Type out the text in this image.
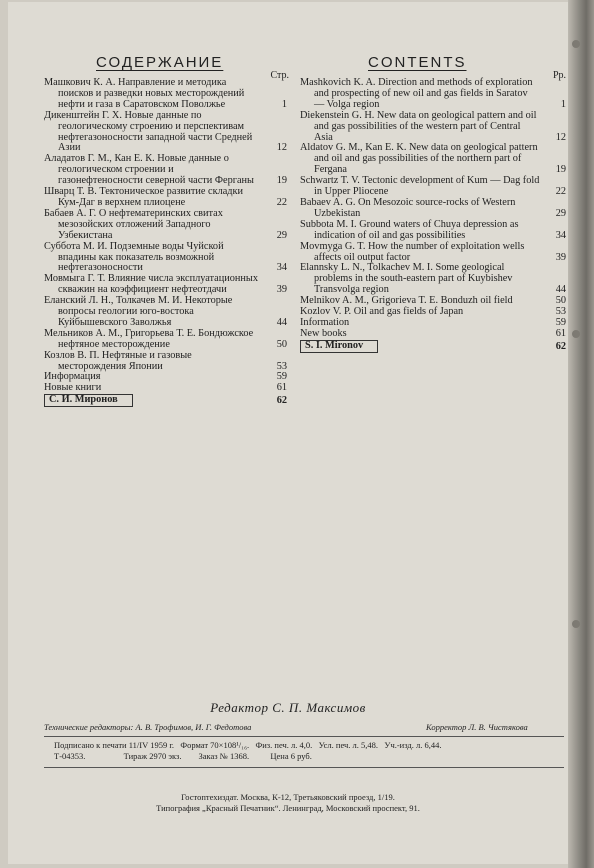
СОДЕРЖАНИЕ
Стр.
Машкович К. А. Направление и методика поисков и разведки новых месторождений нефти и газа в Саратовском Поволжье	1
Дикенштейн Г. Х. Новые данные по геологическому строению и перспективам нефтегазоносности западной части Средней Азии	12
Аладатов Г. М., Кан Е. К. Новые данные о геологическом строении и газонефтеносности северной части Ферганы	19
Шварц Т. В. Тектоническое развитие складки Кум-Даг в верхнем плиоцене	22
Бабаев А. Г. О нефтематеринских свитах мезозойских отложений Западного Узбекистана	29
Суббота М. И. Подземные воды Чуйской впадины как показатель возможной нефтегазоносности	34
Мовмыга Г. Т. Влияние числа эксплуатационных скважин на коэффициент нефтеотдачи	39
Еланский Л. Н., Толкачев М. И. Некоторые вопросы геологии юго-востока Куйбышевского Заволжья	44
Мельников А. М., Григорьева Т. Е. Бондюжское нефтяное месторождение	50
Козлов В. П. Нефтяные и газовые месторождения Японии	53
Информация	59
Новые книги	61
С. И. Миронов	62
CONTENTS
Pp.
Mashkovich K. A. Direction and methods of exploration and prospecting of new oil and gas fields in Saratov — Volga region	1
Diekenstein G. H. New data on geological pattern and oil and gas possibilities of the western part of Central Asia	12
Aldatov G. M., Kan E. K. New data on geological pattern and oil and gas possibilities of the northern part of Fergana	19
Schwartz T. V. Tectonic development of Kum — Dag fold in Upper Pliocene	22
Babaev A. G. On Mesozoic source-rocks of Western Uzbekistan	29
Subbota M. I. Ground waters of Chuya depression as indication of oil and gas possibilities	34
Movmyga G. T. How the number of exploitation wells affects oil output factor	39
Elannsky L. N., Tolkachev M. I. Some geological problems in the south-eastern part of Kuybishev Transvolga region	44
Melnikov A. M., Grigorieva T. E. Bonduzh oil field	50
Kozlov V. P. Oil and gas fields of Japan	53
Information	59
New books	61
S. I. Mironov	62
Редактор С. П. Максимов
Технические редакторы: А. В. Трофимов, И. Г. Федотова	Корректор Л. В. Чистякова
Подписано к печати 11/IV 1959 г.   Формат 70×108¹/₁₆.   Физ. печ. л. 4,0.   Усл. печ. л. 5,48.   Уч.-изд. л. 6,44.
Т-04353.                  Тираж 2970 экз.        Заказ № 1368.          Цена 6 руб.
Гостоптехиздат. Москва, К-12, Третьяковский проезд, 1/19.
Типография „Красный Печатник“. Ленинград, Московский проспект, 91.
